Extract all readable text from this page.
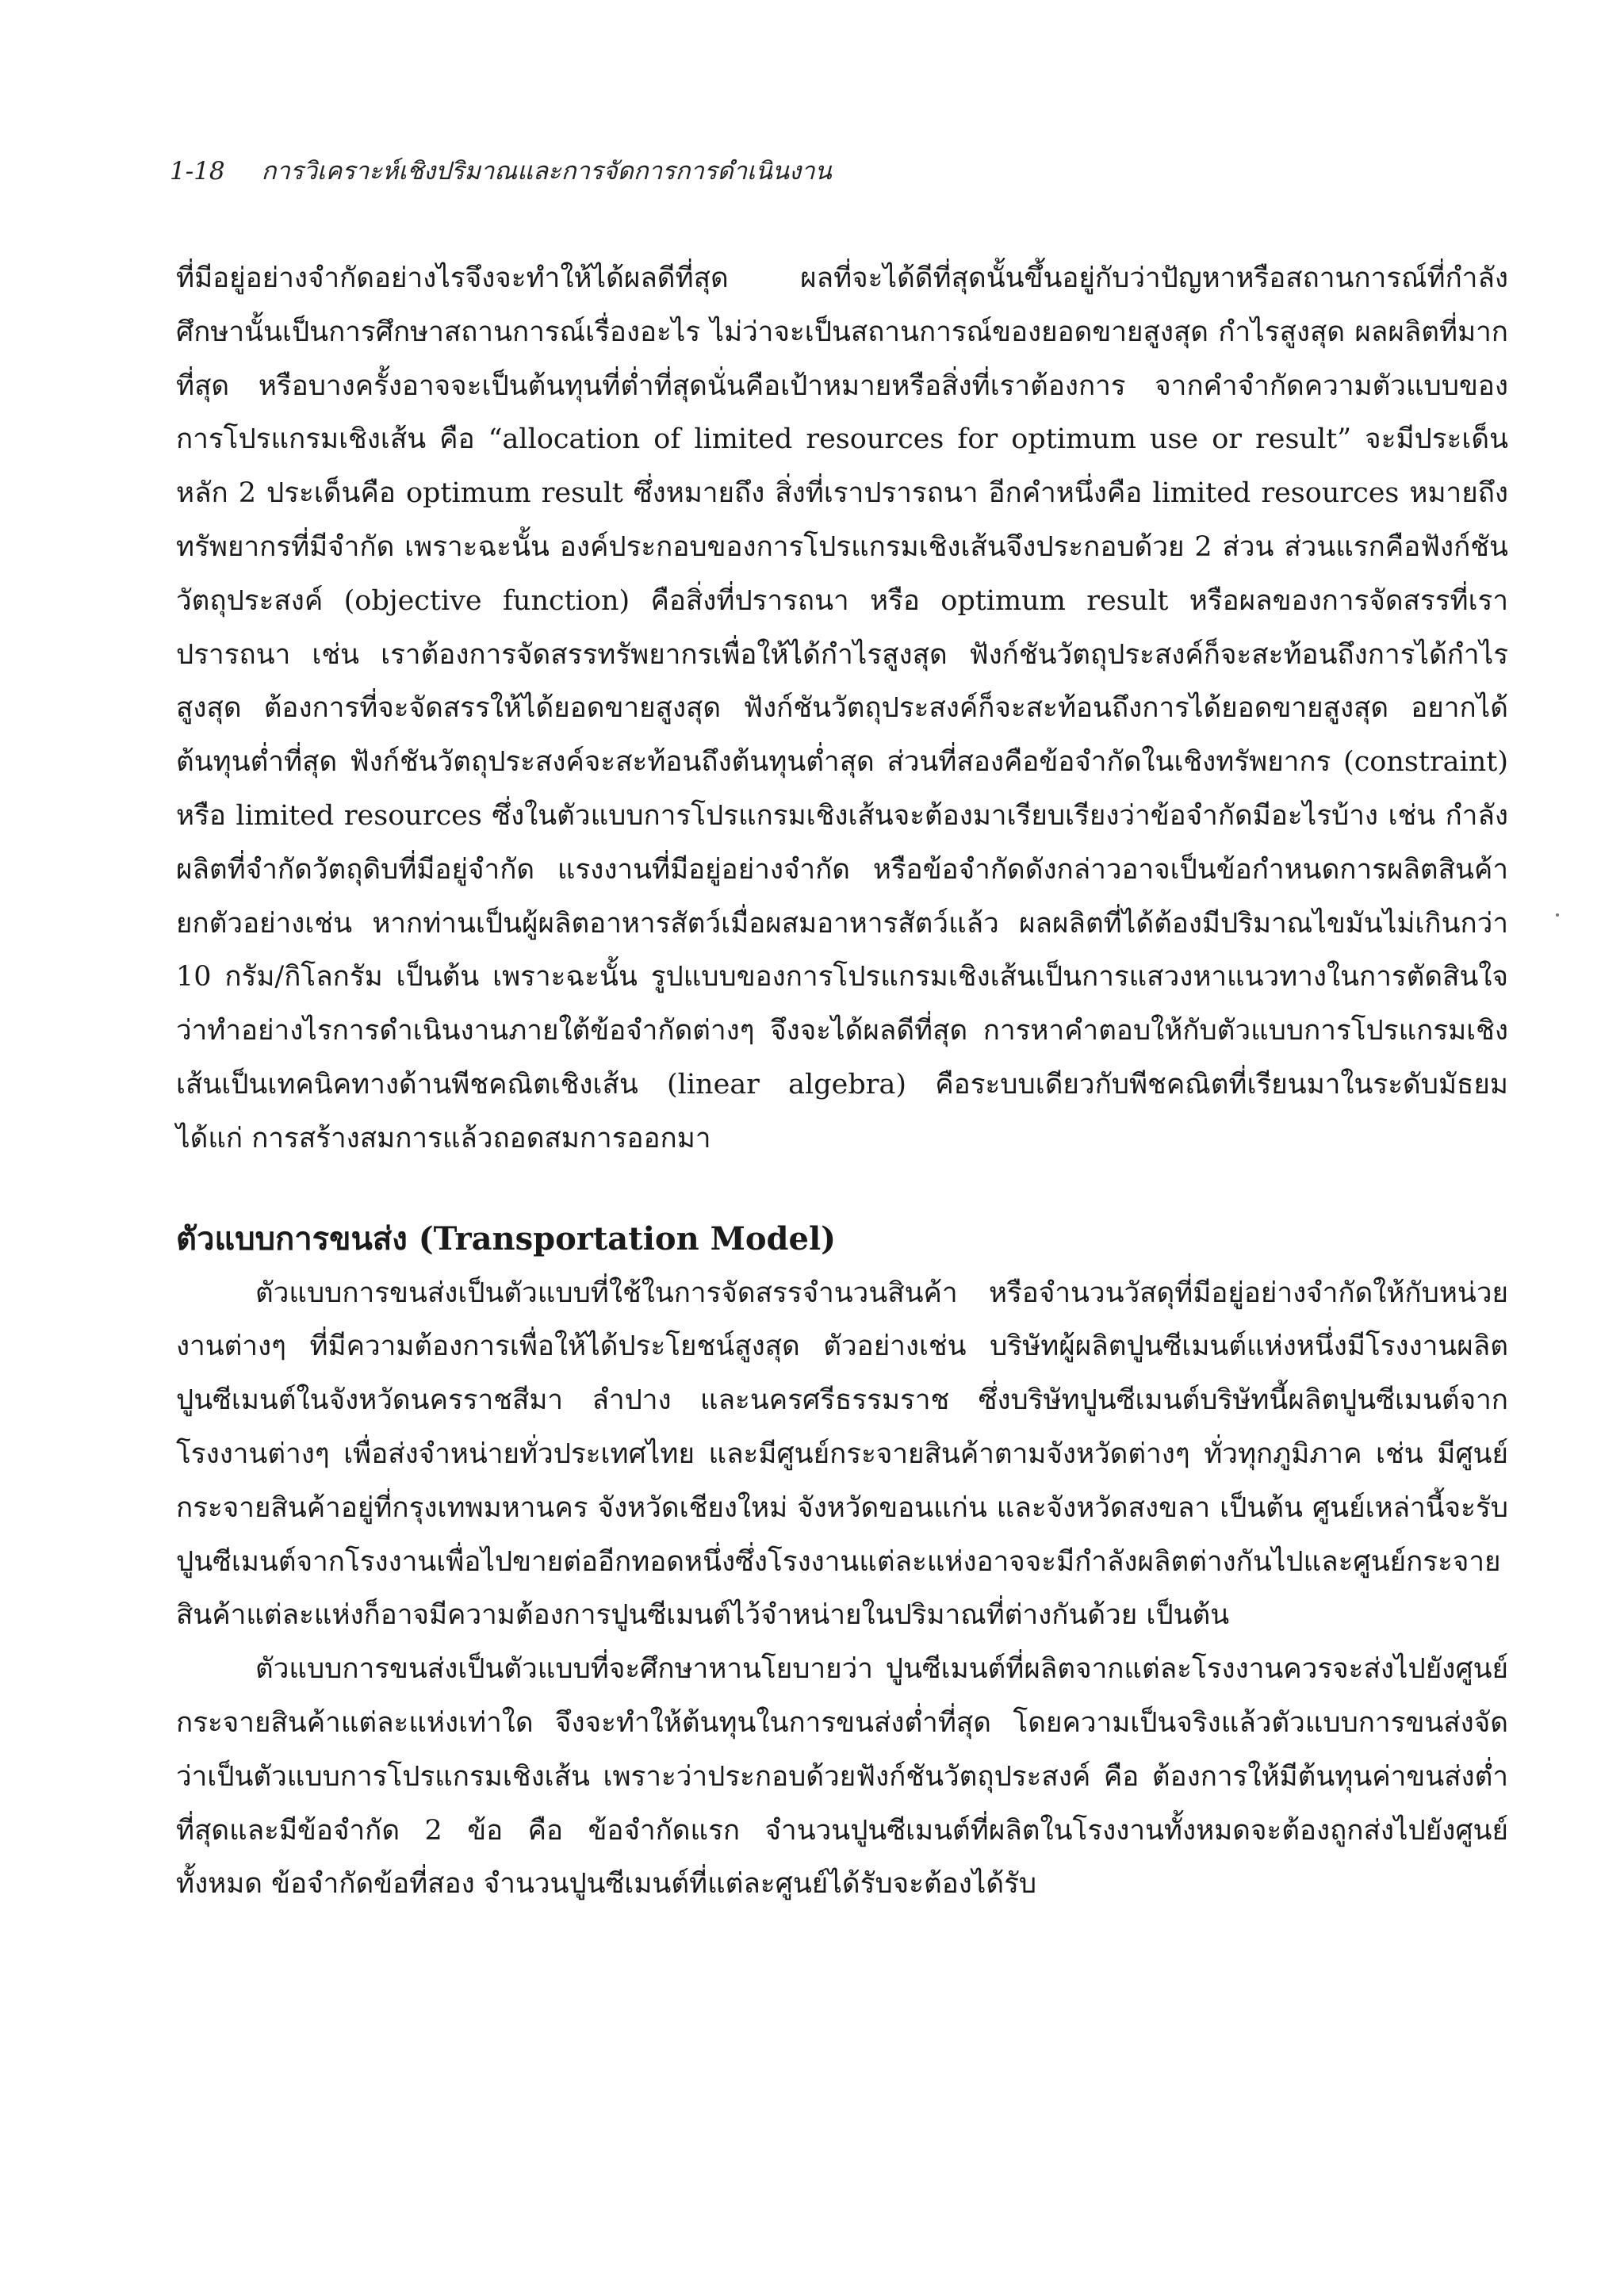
1-18 การวิเคราะห์เชิงปริมาณและการจัดการการดำเนินงาน

ที่มีอยู่อย่างจำกัดอย่างไรจึงจะทำให้ได้ผลดีที่สุด ผลที่จะได้ดีที่สุดนั้นขึ้นอยู่กับว่าปัญหาหรือสถานการณ์ที่กำลังศึกษานั้นเป็นการศึกษาสถานการณ์เรื่องอะไร ไม่ว่าจะเป็นสถานการณ์ของยอดขายสูงสุด กำไรสูงสุด ผลผลิตที่มากที่สุด หรือบางครั้งอาจจะเป็นต้นทุนที่ต่ำที่สุดนั่นคือเป้าหมายหรือสิ่งที่เราต้องการ จากคำจำกัดความตัวแบบของการโปรแกรมเชิงเส้น คือ “allocation of limited resources for optimum use or result” จะมีประเด็นหลัก 2 ประเด็นคือ optimum result ซึ่งหมายถึง สิ่งที่เราปรารถนา อีกคำหนึ่งคือ limited resources หมายถึง ทรัพยากรที่มีจำกัด เพราะฉะนั้น องค์ประกอบของการโปรแกรมเชิงเส้นจึงประกอบด้วย 2 ส่วน ส่วนแรกคือฟังก์ชันวัตถุประสงค์ (objective function) คือสิ่งที่ปรารถนา หรือ optimum result หรือผลของการจัดสรรที่เราปรารถนา เช่น เราต้องการจัดสรรทรัพยากรเพื่อให้ได้กำไรสูงสุด ฟังก์ชันวัตถุประสงค์ก็จะสะท้อนถึงการได้กำไรสูงสุด ต้องการที่จะจัดสรรให้ได้ยอดขายสูงสุด ฟังก์ชันวัตถุประสงค์ก็จะสะท้อนถึงการได้ยอดขายสูงสุด อยากได้ต้นทุนต่ำที่สุด ฟังก์ชันวัตถุประสงค์จะสะท้อนถึงต้นทุนต่ำสุด ส่วนที่สองคือข้อจำกัดในเชิงทรัพยากร (constraint) หรือ limited resources ซึ่งในตัวแบบการโปรแกรมเชิงเส้นจะต้องมาเรียบเรียงว่าข้อจำกัดมีอะไรบ้าง เช่น กำลังผลิตที่จำกัดวัตถุดิบที่มีอยู่จำกัด แรงงานที่มีอยู่อย่างจำกัด หรือข้อจำกัดดังกล่าวอาจเป็นข้อกำหนดการผลิตสินค้า ยกตัวอย่างเช่น หากท่านเป็นผู้ผลิตอาหารสัตว์เมื่อผสมอาหารสัตว์แล้ว ผลผลิตที่ได้ต้องมีปริมาณไขมันไม่เกินกว่า 10 กรัม/กิโลกรัม เป็นต้น เพราะฉะนั้น รูปแบบของการโปรแกรมเชิงเส้นเป็นการแสวงหาแนวทางในการตัดสินใจว่าทำอย่างไรการดำเนินงานภายใต้ข้อจำกัดต่างๆ จึงจะได้ผลดีที่สุด การหาคำตอบให้กับตัวแบบการโปรแกรมเชิงเส้นเป็นเทคนิคทางด้านพีชคณิตเชิงเส้น (linear algebra) คือระบบเดียวกับพีชคณิตที่เรียนมาในระดับมัธยม ได้แก่ การสร้างสมการแล้วถอดสมการออกมา

ตัวแบบการขนส่ง (Transportation Model)

ตัวแบบการขนส่งเป็นตัวแบบที่ใช้ในการจัดสรรจำนวนสินค้า หรือจำนวนวัสดุที่มีอยู่อย่างจำกัดให้กับหน่วยงานต่างๆ ที่มีความต้องการเพื่อให้ได้ประโยชน์สูงสุด ตัวอย่างเช่น บริษัทผู้ผลิตปูนซีเมนต์แห่งหนึ่งมีโรงงานผลิตปูนซีเมนต์ในจังหวัดนครราชสีมา ลำปาง และนครศรีธรรมราช ซึ่งบริษัทปูนซีเมนต์บริษัทนี้ผลิตปูนซีเมนต์จากโรงงานต่างๆ เพื่อส่งจำหน่ายทั่วประเทศไทย และมีศูนย์กระจายสินค้าตามจังหวัดต่างๆ ทั่วทุกภูมิภาค เช่น มีศูนย์กระจายสินค้าอยู่ที่กรุงเทพมหานคร จังหวัดเชียงใหม่ จังหวัดขอนแก่น และจังหวัดสงขลา เป็นต้น ศูนย์เหล่านี้จะรับปูนซีเมนต์จากโรงงานเพื่อไปขายต่ออีกทอดหนึ่งซึ่งโรงงานแต่ละแห่งอาจจะมีกำลังผลิตต่างกันไปและศูนย์กระจายสินค้าแต่ละแห่งก็อาจมีความต้องการปูนซีเมนต์ไว้จำหน่ายในปริมาณที่ต่างกันด้วย เป็นต้น

ตัวแบบการขนส่งเป็นตัวแบบที่จะศึกษาหานโยบายว่า ปูนซีเมนต์ที่ผลิตจากแต่ละโรงงานควรจะส่งไปยังศูนย์กระจายสินค้าแต่ละแห่งเท่าใด จึงจะทำให้ต้นทุนในการขนส่งต่ำที่สุด โดยความเป็นจริงแล้วตัวแบบการขนส่งจัดว่าเป็นตัวแบบการโปรแกรมเชิงเส้น เพราะว่าประกอบด้วยฟังก์ชันวัตถุประสงค์ คือ ต้องการให้มีต้นทุนค่าขนส่งต่ำที่สุดและมีข้อจำกัด 2 ข้อ คือ ข้อจำกัดแรก จำนวนปูนซีเมนต์ที่ผลิตในโรงงานทั้งหมดจะต้องถูกส่งไปยังศูนย์ทั้งหมด ข้อจำกัดข้อที่สอง จำนวนปูนซีเมนต์ที่แต่ละศูนย์ได้รับจะต้องได้รับ
